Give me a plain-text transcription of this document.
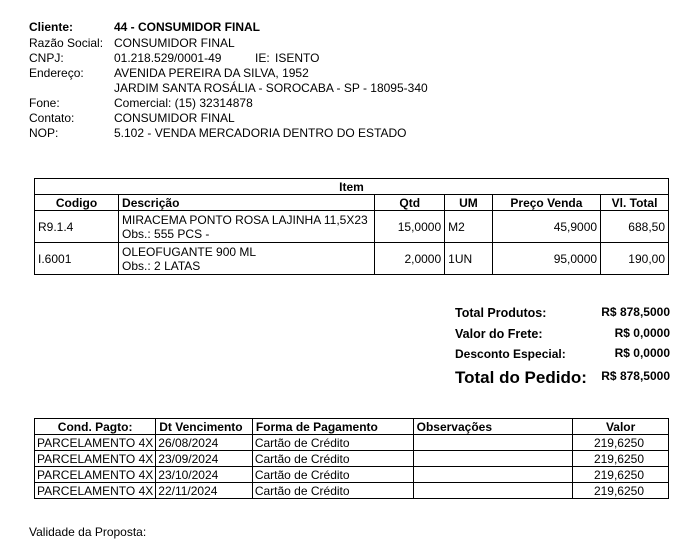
Cliente:	44 - CONSUMIDOR FINAL
Razão Social: CONSUMIDOR FINAL
CNPJ:	01.218.529/0001-49	IE: ISENTO
Endereço:	AVENIDA PEREIRA DA SILVA, 1952
JARDIM SANTA ROSÁLIA - SOROCABA - SP - 18095-340
Fone:	Comercial: (15) 32314878
Contato:	CONSUMIDOR FINAL
NOP:	5.102 - VENDA MERCADORIA DENTRO DO ESTADO
Item					
Codigo	Descrição	Qtd	UM	Preço Venda	Vl. Total
R9.1.4	MIRACEMA PONTO ROSA LAJINHA 11,5X23
Obs.: 555 PCS -	15,0000	M2	45,9000	688,50
I.6001	OLEOFUGANTE 900 ML
Obs.: 2 LATAS	2,0000	1UN	95,0000	190,00
Total Produtos:	R$ 878,5000
Valor do Frete:	R$ 0,0000
Desconto Especial:	R$ 0,0000
Total do Pedido: R$ 878,5000
Cond. Pagto:	Dt Vencimento	Forma de Pagamento	Observações	Valor
PARCELAMENTO 4X	26/08/2024	Cartão de Crédito		219,6250
PARCELAMENTO 4X	23/09/2024	Cartão de Crédito		219,6250
PARCELAMENTO 4X	23/10/2024	Cartão de Crédito		219,6250
PARCELAMENTO 4X	22/11/2024	Cartão de Crédito		219,6250
Validade da Proposta:
